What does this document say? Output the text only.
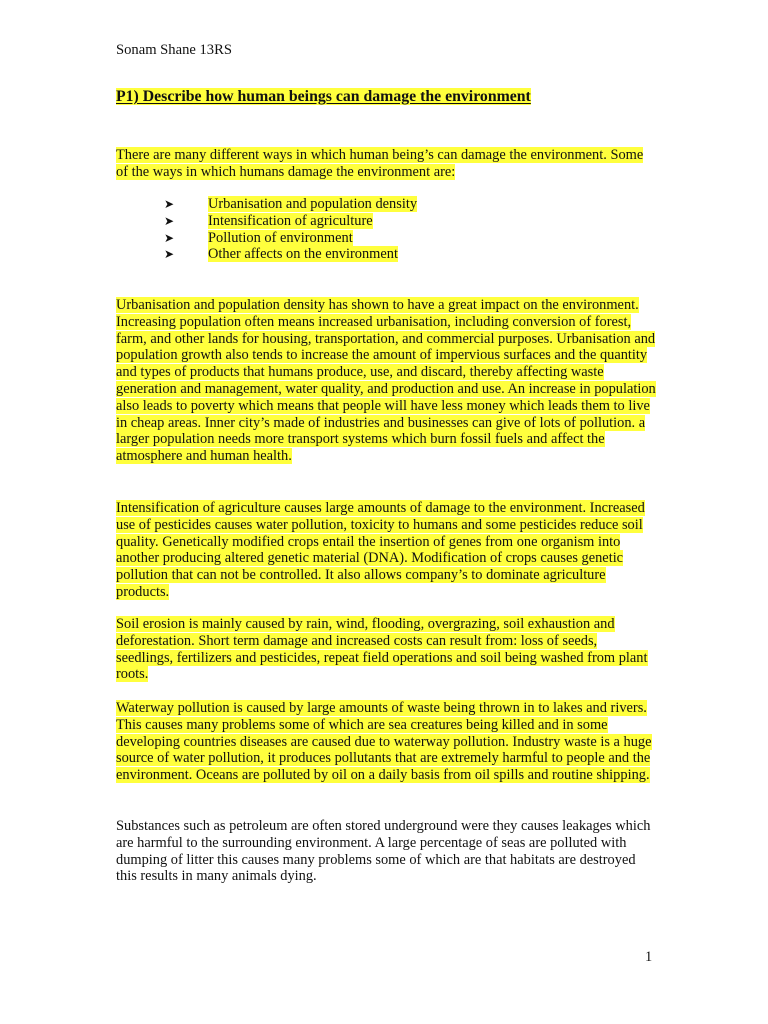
Sonam Shane 13RS
P1) Describe how human beings can damage the environment

There are many different ways in which human being’s can damage the environment. Some of the ways in which humans damage the environment are:

➤ Urbanisation and population density
➤ Intensification of agriculture
➤ Pollution of environment
➤ Other affects on the environment

Urbanisation and population density has shown to have a great impact on the environment. Increasing population often means increased urbanisation, including conversion of forest, farm, and other lands for housing, transportation, and commercial purposes. Urbanisation and population growth also tends to increase the amount of impervious surfaces and the quantity and types of products that humans produce, use, and discard, thereby affecting waste generation and management, water quality, and production and use. An increase in population also leads to poverty which means that people will have less money which leads them to live in cheap areas. Inner city’s made of industries and businesses can give of lots of pollution. a larger population needs more transport systems which burn fossil fuels and affect the atmosphere and human health.

Intensification of agriculture causes large amounts of damage to the environment. Increased use of pesticides causes water pollution, toxicity to humans and some pesticides reduce soil quality. Genetically modified crops entail the insertion of genes from one organism into another producing altered genetic material (DNA). Modification of crops causes genetic pollution that can not be controlled. It also allows company’s to dominate agriculture products.

Soil erosion is mainly caused by rain, wind, flooding, overgrazing, soil exhaustion and deforestation. Short term damage and increased costs can result from: loss of seeds, seedlings, fertilizers and pesticides, repeat field operations and soil being washed from plant roots.

Waterway pollution is caused by large amounts of waste being thrown in to lakes and rivers. This causes many problems some of which are sea creatures being killed and in some developing countries diseases are caused due to waterway pollution. Industry waste is a huge source of water pollution, it produces pollutants that are extremely harmful to people and the environment. Oceans are polluted by oil on a daily basis from oil spills and routine shipping.

Substances such as petroleum are often stored underground were they causes leakages which are harmful to the surrounding environment. A large percentage of seas are polluted with dumping of litter this causes many problems some of which are that habitats are destroyed this results in many animals dying.

1
